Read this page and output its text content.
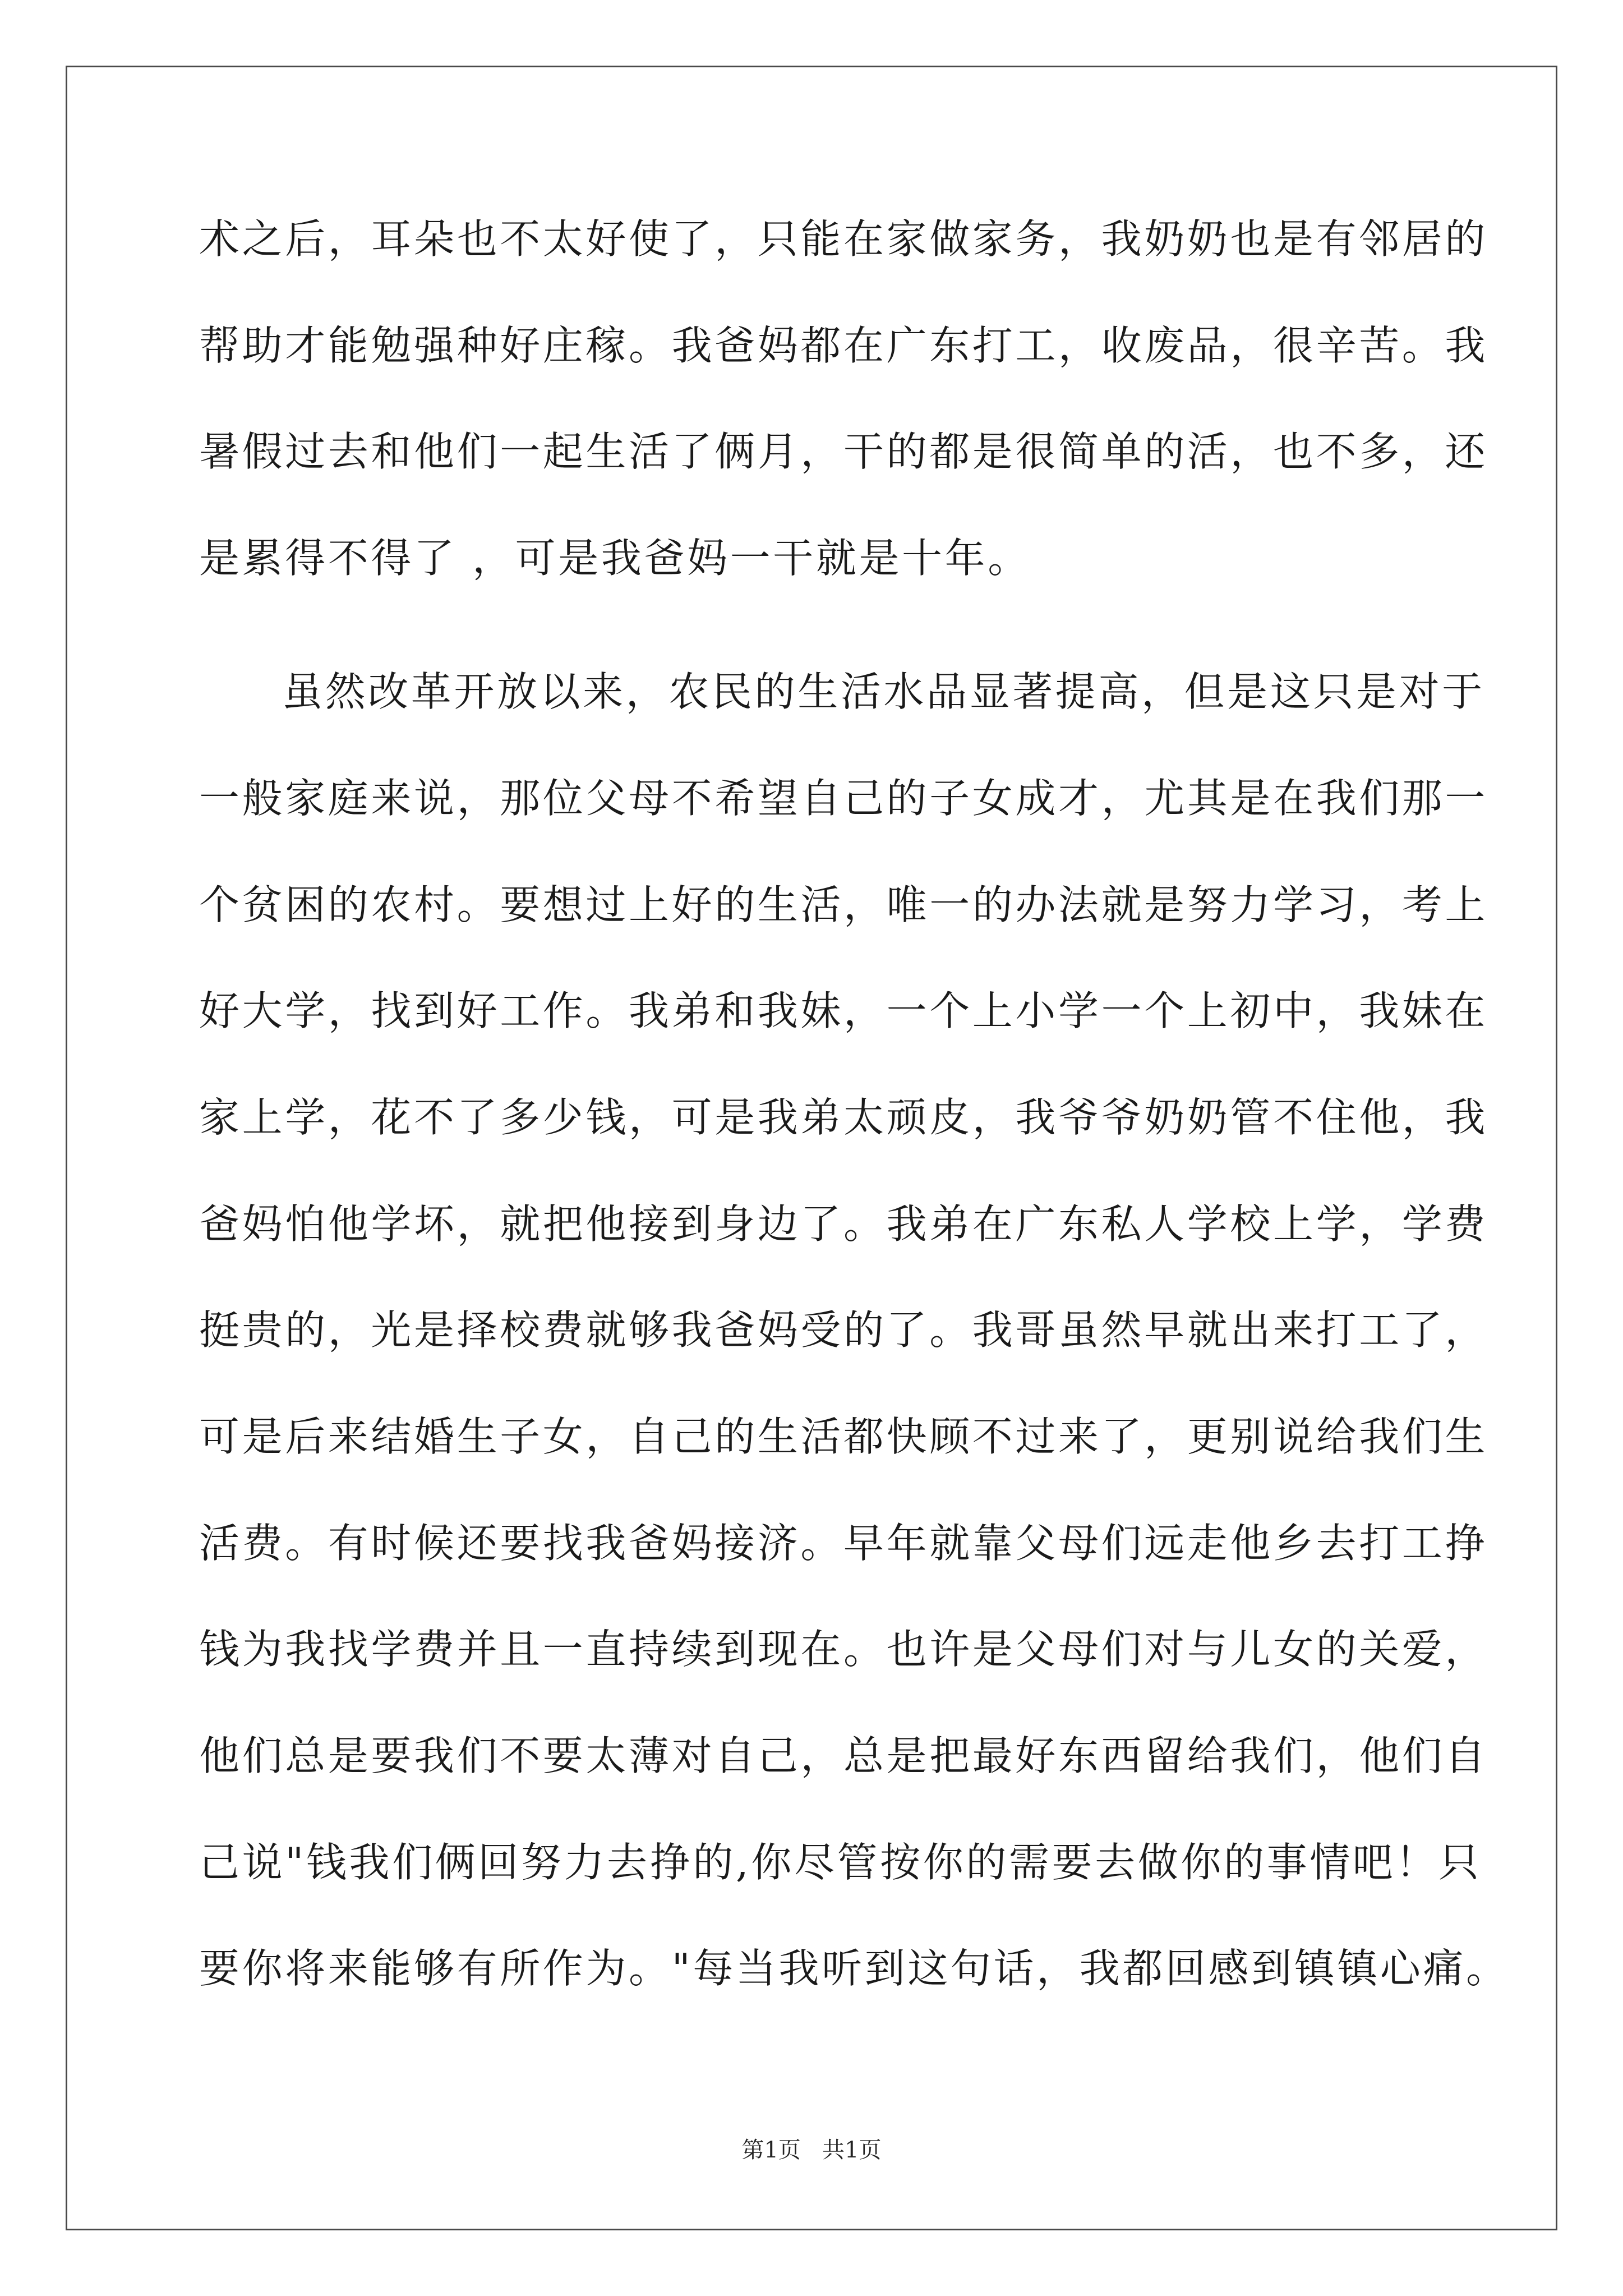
术之后，耳朵也不太好使了，只能在家做家务，我奶奶也是有邻居的
帮助才能勉强种好庄稼。我爸妈都在广东打工，收废品，很辛苦。我
暑假过去和他们一起生活了俩月，干的都是很简单的活，也不多，还
是累得不得了 ，可是我爸妈一干就是十年。
虽然改革开放以来，农民的生活水品显著提高，但是这只是对于
一般家庭来说，那位父母不希望自己的子女成才，尤其是在我们那一
个贫困的农村。要想过上好的生活，唯一的办法就是努力学习，考上
好大学，找到好工作。我弟和我妹，一个上小学一个上初中，我妹在
家上学，花不了多少钱，可是我弟太顽皮，我爷爷奶奶管不住他，我
爸妈怕他学坏，就把他接到身边了。我弟在广东私人学校上学，学费
挺贵的，光是择校费就够我爸妈受的了。我哥虽然早就出来打工了，
可是后来结婚生子女，自己的生活都快顾不过来了，更别说给我们生
活费。有时候还要找我爸妈接济。早年就靠父母们远走他乡去打工挣
钱为我找学费并且一直持续到现在。也许是父母们对与儿女的关爱，
他们总是要我们不要太薄对自己，总是把最好东西留给我们，他们自
己说"钱我们俩回努力去挣的,你尽管按你的需要去做你的事情吧！只
要你将来能够有所作为。"每当我听到这句话，我都回感到镇镇心痛。
第1页   共1页
